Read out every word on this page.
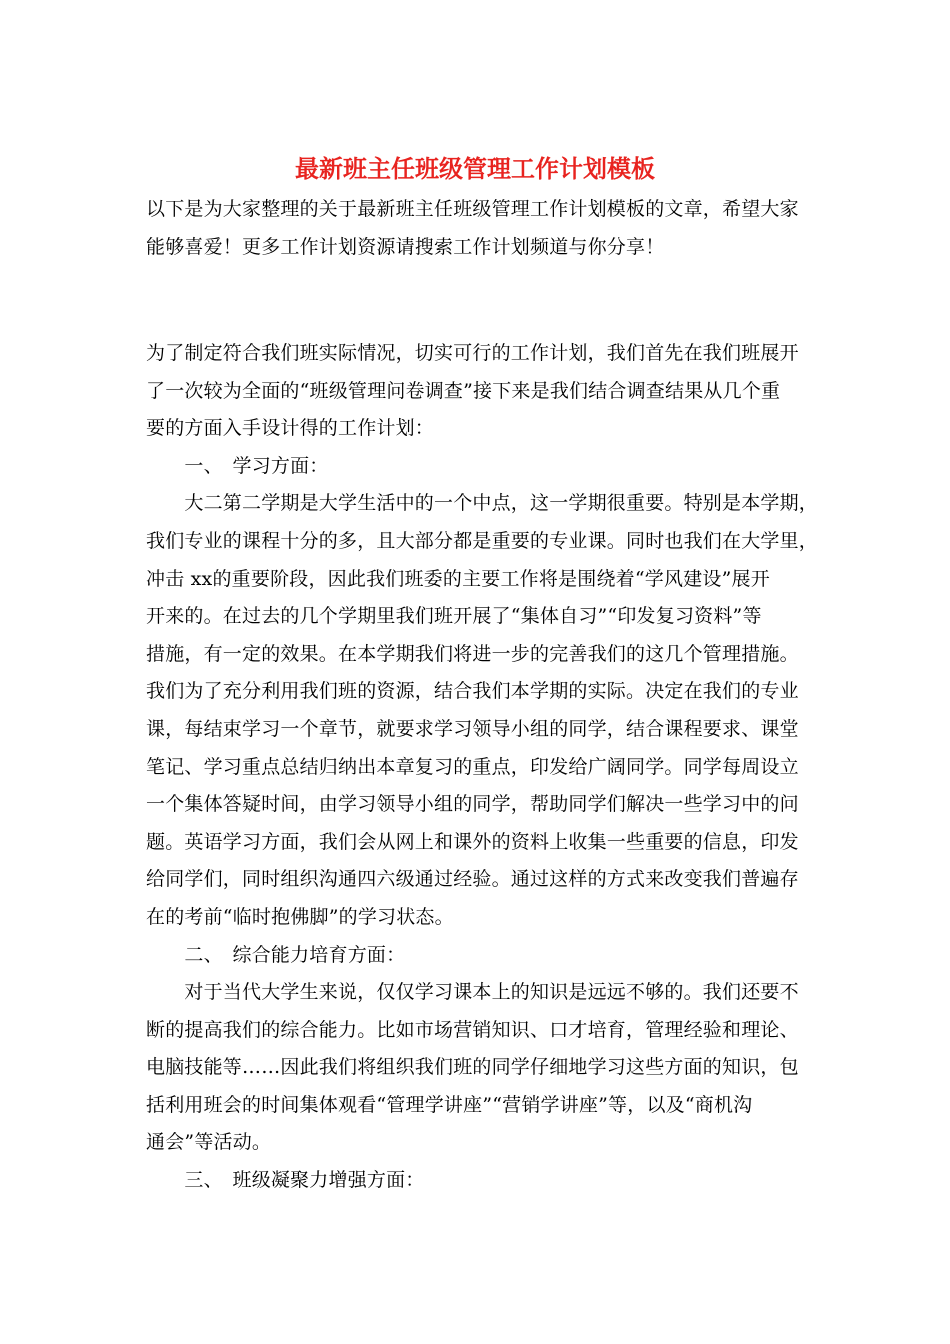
最新班主任班级管理工作计划模板
以下是为大家整理的关于最新班主任班级管理工作计划模板的文章，希望大家
能够喜爱！更多工作计划资源请搜索工作计划频道与你分享！
为了制定符合我们班实际情况，切实可行的工作计划，我们首先在我们班展开
了一次较为全面的“班级管理问卷调查”接下来是我们结合调查结果从几个重
要的方面入手设计得的工作计划：
　　一、　学习方面：
　　大二第二学期是大学生活中的一个中点，这一学期很重要。特别是本学期，
我们专业的课程十分的多，且大部分都是重要的专业课。同时也我们在大学里，
冲击 xx的重要阶段，因此我们班委的主要工作将是围绕着“学风建设”展开
开来的。在过去的几个学期里我们班开展了“集体自习”“印发复习资料”等
措施，有一定的效果。在本学期我们将进一步的完善我们的这几个管理措施。
我们为了充分利用我们班的资源，结合我们本学期的实际。决定在我们的专业
课，每结束学习一个章节，就要求学习领导小组的同学，结合课程要求、课堂
笔记、学习重点总结归纳出本章复习的重点，印发给广阔同学。同学每周设立
一个集体答疑时间，由学习领导小组的同学，帮助同学们解决一些学习中的问
题。英语学习方面，我们会从网上和课外的资料上收集一些重要的信息，印发
给同学们，同时组织沟通四六级通过经验。通过这样的方式来改变我们普遍存
在的考前“临时抱佛脚”的学习状态。
　　二、　综合能力培育方面：
　　对于当代大学生来说，仅仅学习课本上的知识是远远不够的。我们还要不
断的提高我们的综合能力。比如市场营销知识、口才培育，管理经验和理论、
电脑技能等……因此我们将组织我们班的同学仔细地学习这些方面的知识，包
括利用班会的时间集体观看“管理学讲座”“营销学讲座”等，以及“商机沟
通会”等活动。
　　三、　班级凝聚力增强方面：
